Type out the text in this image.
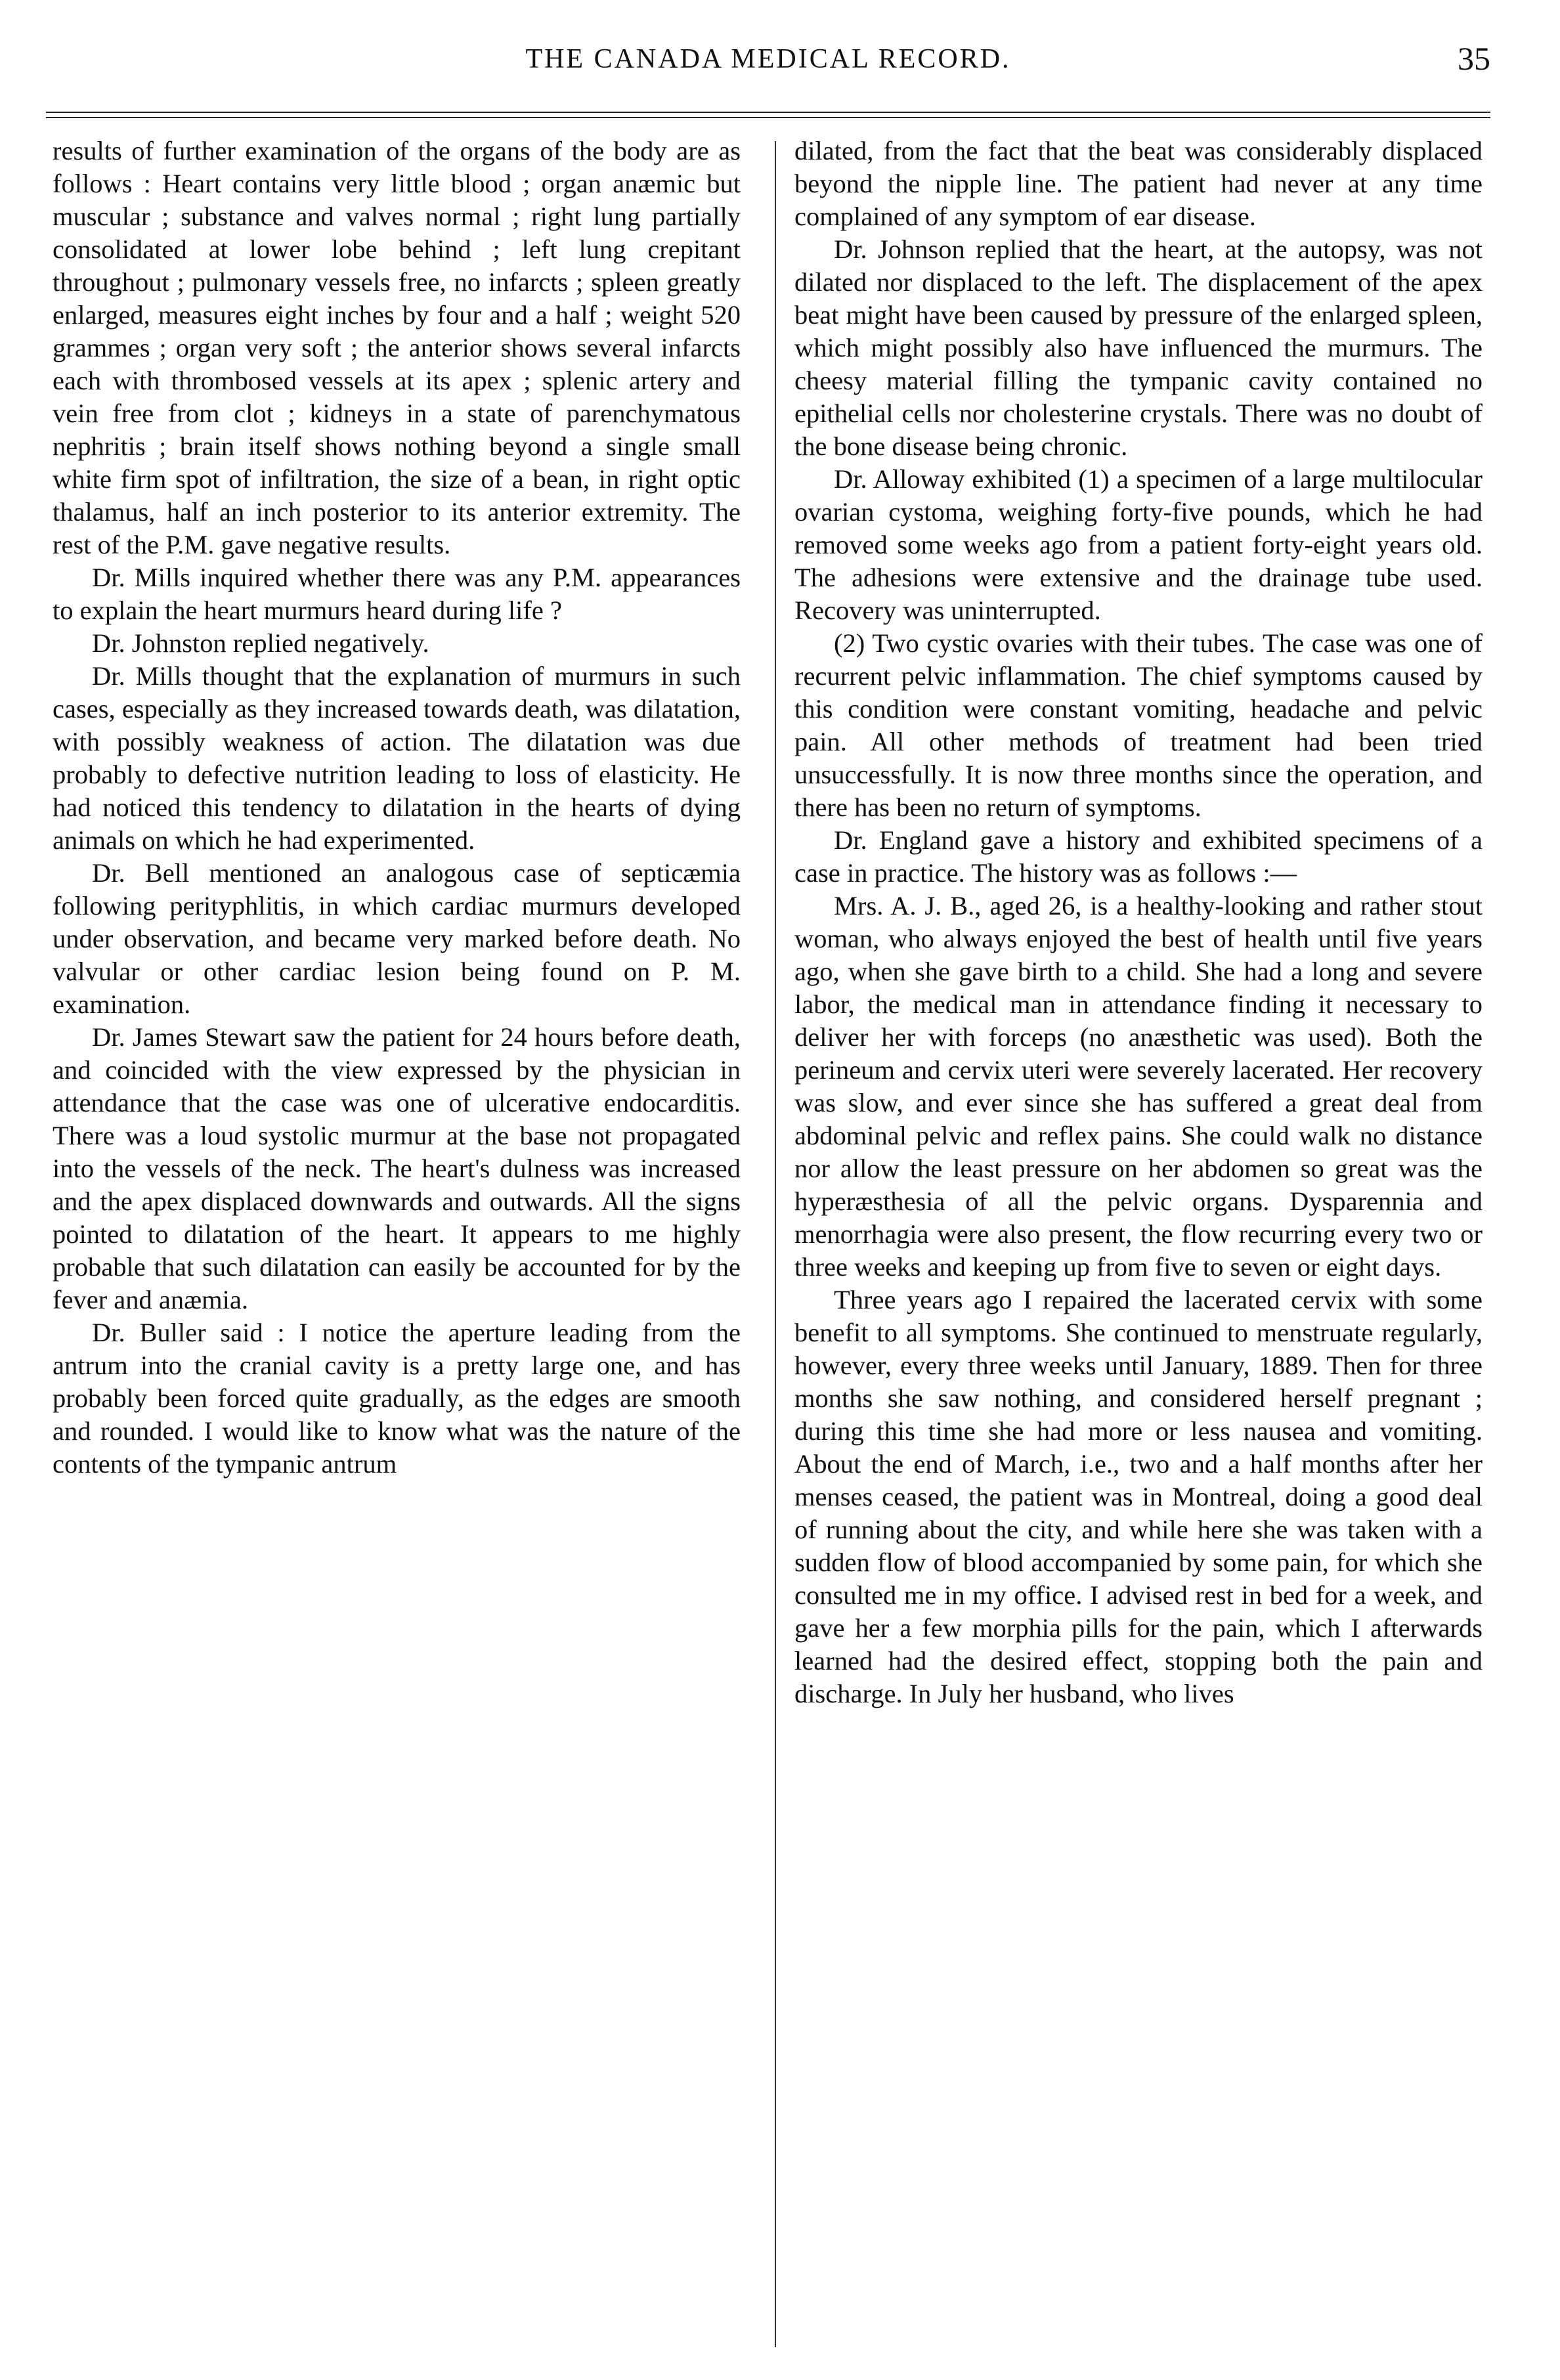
THE CANADA MEDICAL RECORD.	35

results of further examination of the organs of the body are as follows : Heart contains very little blood ; organ anæmic but muscular ; substance and valves normal ; right lung partially consolidated at lower lobe behind ; left lung crepitant throughout ; pulmonary vessels free, no infarcts ; spleen greatly enlarged, measures eight inches by four and a half ; weight 520 grammes ; organ very soft ; the anterior shows several infarcts each with thrombosed vessels at its apex ; splenic artery and vein free from clot ; kidneys in a state of parenchymatous nephritis ; brain itself shows nothing beyond a single small white firm spot of infiltration, the size of a bean, in right optic thalamus, half an inch posterior to its anterior extremity. The rest of the P.M. gave negative results.

Dr. Mills inquired whether there was any P.M. appearances to explain the heart murmurs heard during life ?

Dr. Johnston replied negatively.

Dr. Mills thought that the explanation of murmurs in such cases, especially as they increased towards death, was dilatation, with possibly weakness of action. The dilatation was due probably to defective nutrition leading to loss of elasticity. He had noticed this tendency to dilatation in the hearts of dying animals on which he had experimented.

Dr. Bell mentioned an analogous case of septicæmia following perityphlitis, in which cardiac murmurs developed under observation, and became very marked before death. No valvular or other cardiac lesion being found on P. M. examination.

Dr. James Stewart saw the patient for 24 hours before death, and coincided with the view expressed by the physician in attendance that the case was one of ulcerative endocarditis. There was a loud systolic murmur at the base not propagated into the vessels of the neck. The heart's dulness was increased and the apex displaced downwards and outwards. All the signs pointed to dilatation of the heart. It appears to me highly probable that such dilatation can easily be accounted for by the fever and anæmia.

Dr. Buller said : I notice the aperture leading from the antrum into the cranial cavity is a pretty large one, and has probably been forced quite gradually, as the edges are smooth and rounded. I would like to know what was the nature of the contents of the tympanic antrum

dilated, from the fact that the beat was considerably displaced beyond the nipple line. The patient had never at any time complained of any symptom of ear disease.

Dr. Johnson replied that the heart, at the autopsy, was not dilated nor displaced to the left. The displacement of the apex beat might have been caused by pressure of the enlarged spleen, which might possibly also have influenced the murmurs. The cheesy material filling the tympanic cavity contained no epithelial cells nor cholesterine crystals. There was no doubt of the bone disease being chronic.

Dr. Alloway exhibited (1) a specimen of a large multilocular ovarian cystoma, weighing forty-five pounds, which he had removed some weeks ago from a patient forty-eight years old. The adhesions were extensive and the drainage tube used. Recovery was uninterrupted.

(2) Two cystic ovaries with their tubes. The case was one of recurrent pelvic inflammation. The chief symptoms caused by this condition were constant vomiting, headache and pelvic pain. All other methods of treatment had been tried unsuccessfully. It is now three months since the operation, and there has been no return of symptoms.

Dr. England gave a history and exhibited specimens of a case in practice. The history was as follows :—

Mrs. A. J. B., aged 26, is a healthy-looking and rather stout woman, who always enjoyed the best of health until five years ago, when she gave birth to a child. She had a long and severe labor, the medical man in attendance finding it necessary to deliver her with forceps (no anæsthetic was used). Both the perineum and cervix uteri were severely lacerated. Her recovery was slow, and ever since she has suffered a great deal from abdominal pelvic and reflex pains. She could walk no distance nor allow the least pressure on her abdomen so great was the hyperæsthesia of all the pelvic organs. Dysparennia and menorrhagia were also present, the flow recurring every two or three weeks and keeping up from five to seven or eight days.

Three years ago I repaired the lacerated cervix with some benefit to all symptoms. She continued to menstruate regularly, however, every three weeks until January, 1889. Then for three months she saw nothing, and considered herself pregnant ; during this time she had more or less nausea and vomiting. About the end of March, i.e., two and a half months after her menses ceased, the patient was in Montreal, doing a good deal of running about the city, and while here she was taken with a sudden flow of blood accompanied by some pain, for which she consulted me in my office. I advised rest in bed for a week, and gave her a few morphia pills for the pain, which I afterwards learned had the desired effect, stopping both the pain and discharge. In July her husband, who lives
